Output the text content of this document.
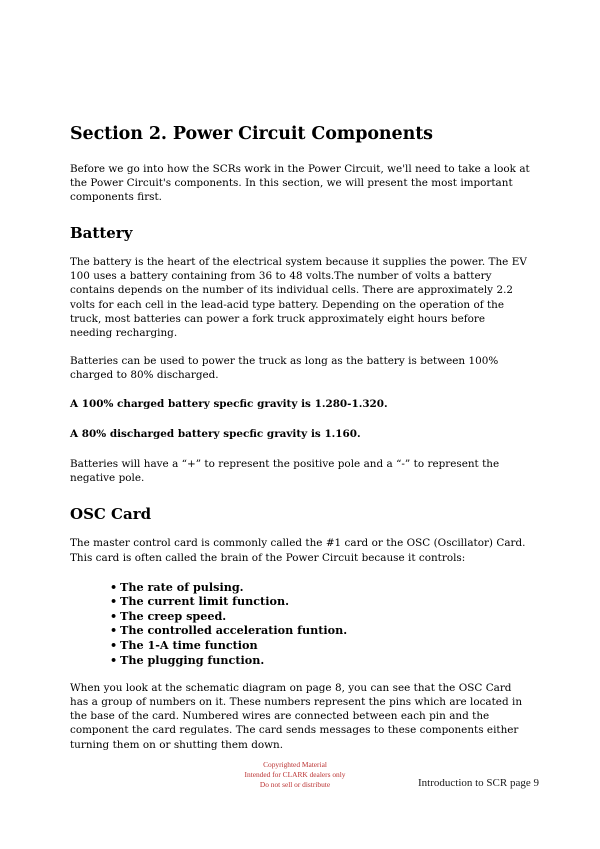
Section 2. Power Circuit Components

Before we go into how the SCRs work in the Power Circuit, we'll need to take a look at the Power Circuit's components. In this section, we will present the most important components first.

Battery

The battery is the heart of the electrical system because it supplies the power. The EV 100 uses a battery containing from 36 to 48 volts.The number of volts a battery contains depends on the number of its individual cells. There are approximately 2.2 volts for each cell in the lead-acid type battery. Depending on the operation of the truck, most batteries can power a fork truck approximately eight hours before needing recharging.

Batteries can be used to power the truck as long as the battery is between 100% charged to 80% discharged.

A 100% charged battery specfic gravity is 1.280-1.320.

A 80% discharged battery specfic gravity is 1.160.

Batteries will have a “+” to represent the positive pole and a “-” to represent the negative pole.

OSC Card

The master control card is commonly called the #1 card or the OSC (Oscillator) Card. This card is often called the brain of the Power Circuit because it controls:

• The rate of pulsing.
• The current limit function.
• The creep speed.
• The controlled acceleration funtion.
• The 1-A time function
• The plugging function.

When you look at the schematic diagram on page 8, you can see that the OSC Card has a group of numbers on it. These numbers represent the pins which are located in the base of the card. Numbered wires are connected between each pin and the component the card regulates. The card sends messages to these components either turning them on or shutting them down.

Copyrighted Material
Intended for CLARK dealers only
Do not sell or distribute	Introduction to SCR page 9
